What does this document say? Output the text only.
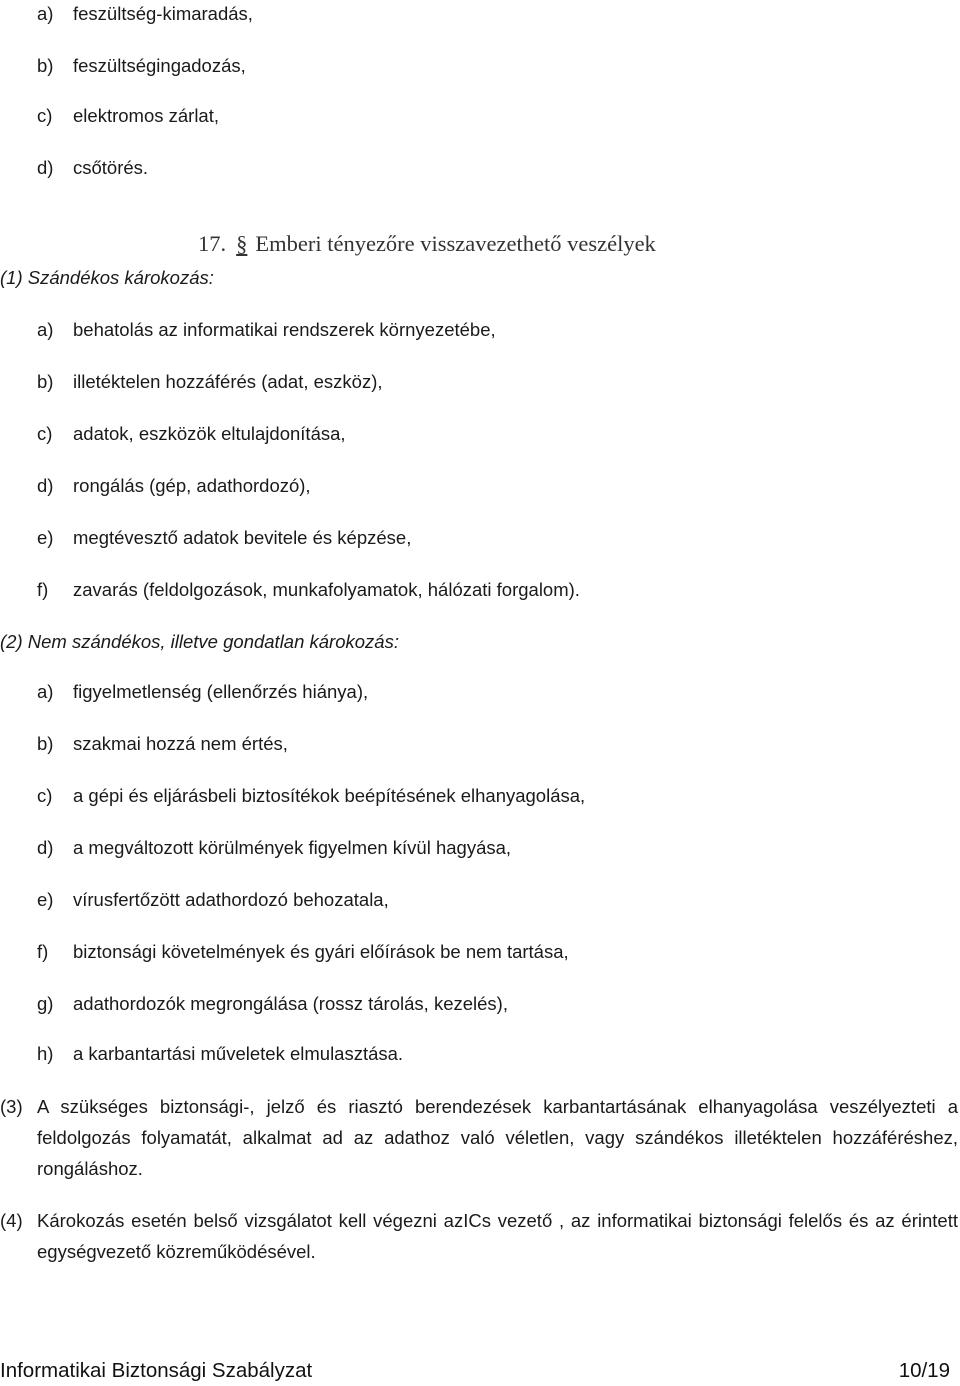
a) feszültség-kimaradás,
b) feszültségingadozás,
c) elektromos zárlat,
d) csőtörés.
17. § Emberi tényezőre visszavezethető veszélyek
(1) Szándékos károkozás:
a) behatolás az informatikai rendszerek környezetébe,
b) illetéktelen hozzáférés (adat, eszköz),
c) adatok, eszközök eltulajdonítása,
d) rongálás (gép, adathordozó),
e) megtévesztő adatok bevitele és képzése,
f) zavarás (feldolgozások, munkafolyamatok, hálózati forgalom).
(2) Nem szándékos, illetve gondatlan károkozás:
a) figyelmetlenség (ellenőrzés hiánya),
b) szakmai hozzá nem értés,
c) a gépi és eljárásbeli biztosítékok beépítésének elhanyagolása,
d) a megváltozott körülmények figyelmen kívül hagyása,
e) vírusfertőzött adathordozó behozatala,
f) biztonsági követelmények és gyári előírások be nem tartása,
g) adathordozók megrongálása (rossz tárolás, kezelés),
h) a karbantartási műveletek elmulasztása.
(3) A szükséges biztonsági-, jelző és riasztó berendezések karbantartásának elhanyagolása veszélyezteti a feldolgozás folyamatát, alkalmat ad az adathoz való véletlen, vagy szándékos illetéktelen hozzáféréshez, rongáláshoz.
(4) Károkozás esetén belső vizsgálatot kell végezni azICs vezető , az informatikai biztonsági felelős és az érintett egységvezető közreműködésével.
Informatikai Biztonsági Szabályzat	10/19
